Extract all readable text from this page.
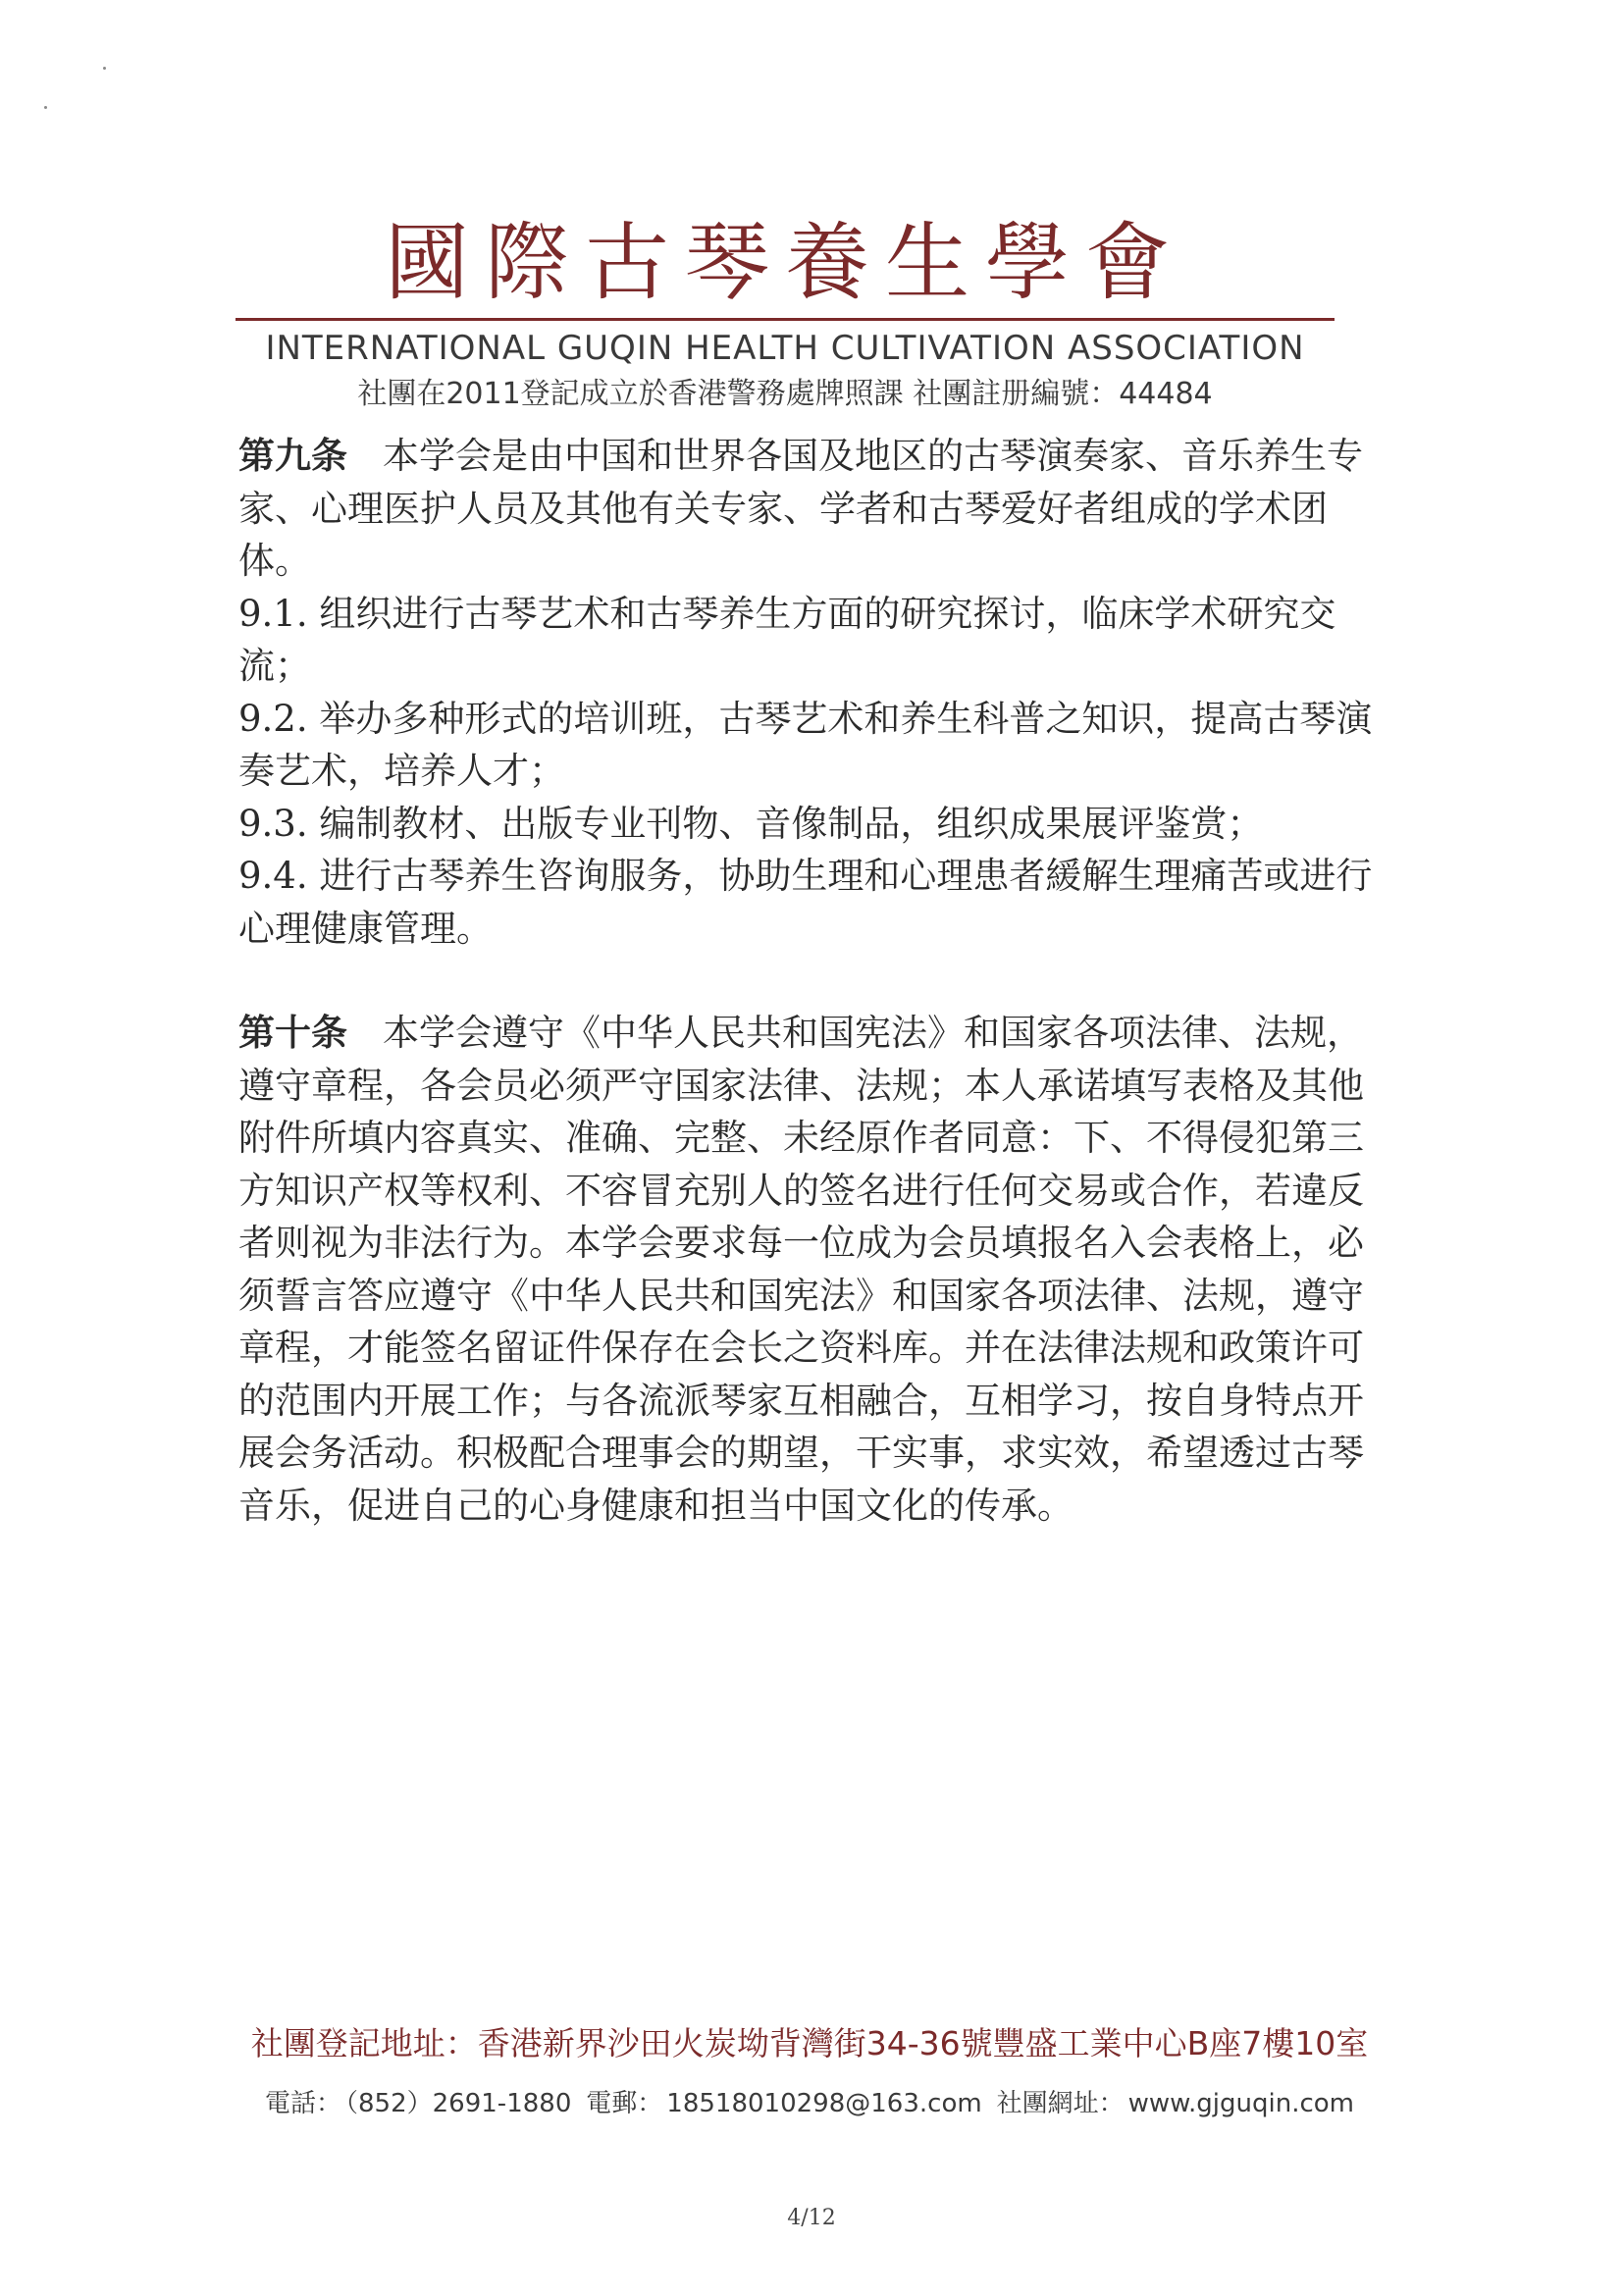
國際古琴養生學會
INTERNATIONAL GUQIN HEALTH CULTIVATION ASSOCIATION
社團在2011登記成立於香港警務處牌照課 社團註册編號：44484

第九条 本学会是由中国和世界各国及地区的古琴演奏家、音乐养生专家、心理医护人员及其他有关专家、学者和古琴爱好者组成的学术团体。

9.1. 组织进行古琴艺术和古琴养生方面的研究探讨，临床学术研究交流；

9.2. 举办多种形式的培训班，古琴艺术和养生科普之知识，提高古琴演奏艺术，培养人才；

9.3. 编制教材、出版专业刊物、音像制品，组织成果展评鉴赏；

9.4. 进行古琴养生咨询服务，协助生理和心理患者緩解生理痛苦或进行心理健康管理。

第十条 本学会遵守《中华人民共和国宪法》和国家各项法律、法规，遵守章程，各会员必须严守国家法律、法规；本人承诺填写表格及其他附件所填内容真实、准确、完整、未经原作者同意：下、不得侵犯第三方知识产权等权利、不容冒充别人的签名进行任何交易或合作，若違反者则视为非法行为。本学会要求每一位成为会员填报名入会表格上，必须誓言答应遵守《中华人民共和国宪法》和国家各项法律、法规，遵守章程，才能签名留证件保存在会长之资料库。并在法律法规和政策许可的范围内开展工作；与各流派琴家互相融合，互相学习，按自身特点开展会务活动。积极配合理事会的期望，干实事，求实效，希望透过古琴音乐，促进自己的心身健康和担当中国文化的传承。

社團登記地址：香港新界沙田火炭坳背灣街34-36號豐盛工業中心B座7樓10室
電話： （852）2691-1880 電郵： 18518010298@163.com 社團網址： www.gjguqin.com
4/12
